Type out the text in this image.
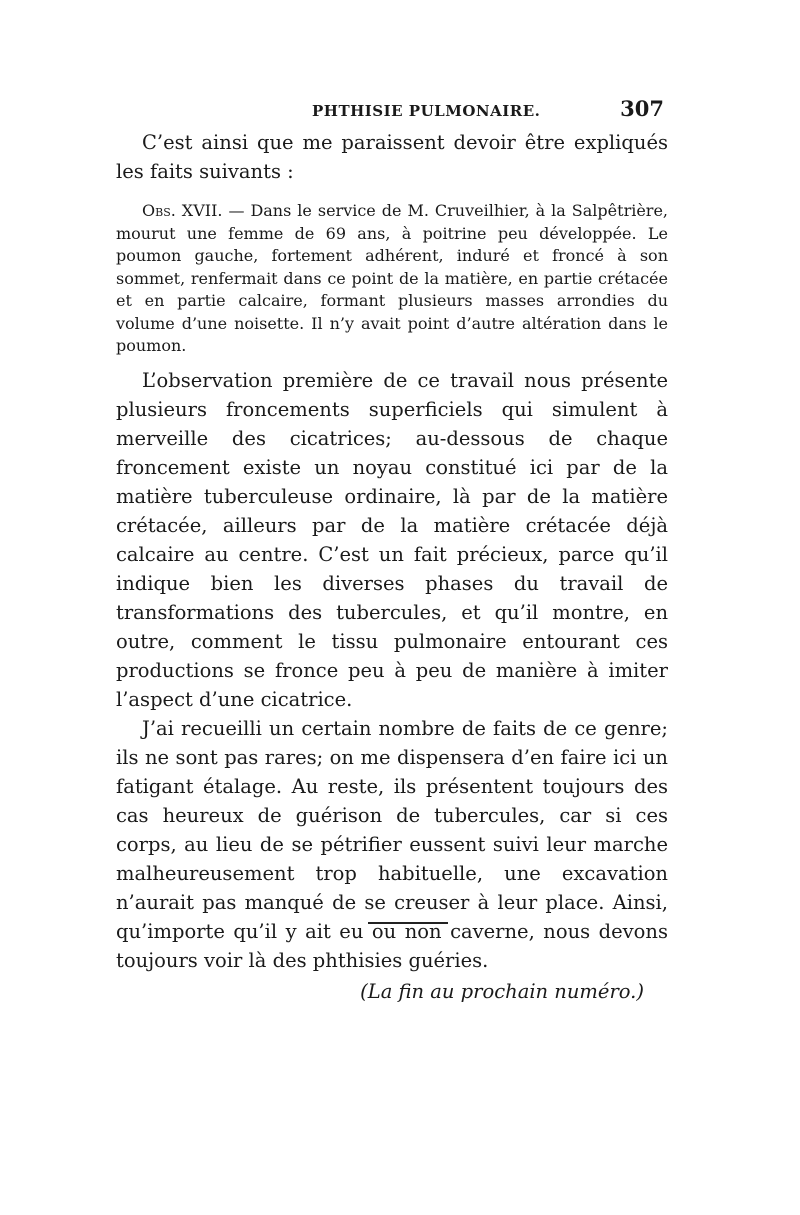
PHTHISIE PULMONAIRE.	307

C’est ainsi que me paraissent devoir être expliqués les faits suivants :

Obs. XVII. — Dans le service de M. Cruveilhier, à la Salpêtrière, mourut une femme de 69 ans, à poitrine peu développée. Le poumon gauche, fortement adhérent, induré et froncé à son sommet, renfermait dans ce point de la matière, en partie crétacée et en partie calcaire, formant plusieurs masses arrondies du volume d’une noisette. Il n’y avait point d’autre altération dans le poumon.

L’observation première de ce travail nous présente plusieurs froncements superficiels qui simulent à merveille des cicatrices; au-dessous de chaque froncement existe un noyau constitué ici par de la matière tuberculeuse ordinaire, là par de la matière crétacée, ailleurs par de la matière crétacée déjà calcaire au centre. C’est un fait précieux, parce qu’il indique bien les diverses phases du travail de transformations des tubercules, et qu’il montre, en outre, comment le tissu pulmonaire entourant ces productions se fronce peu à peu de manière à imiter l’aspect d’une cicatrice.

J’ai recueilli un certain nombre de faits de ce genre; ils ne sont pas rares; on me dispensera d’en faire ici un fatigant étalage. Au reste, ils présentent toujours des cas heureux de guérison de tubercules, car si ces corps, au lieu de se pétrifier eussent suivi leur marche malheureusement trop habituelle, une excavation n’aurait pas manqué de se creuser à leur place. Ainsi, qu’importe qu’il y ait eu ou non caverne, nous devons toujours voir là des phthisies guéries.

(La fin au prochain numéro.)
